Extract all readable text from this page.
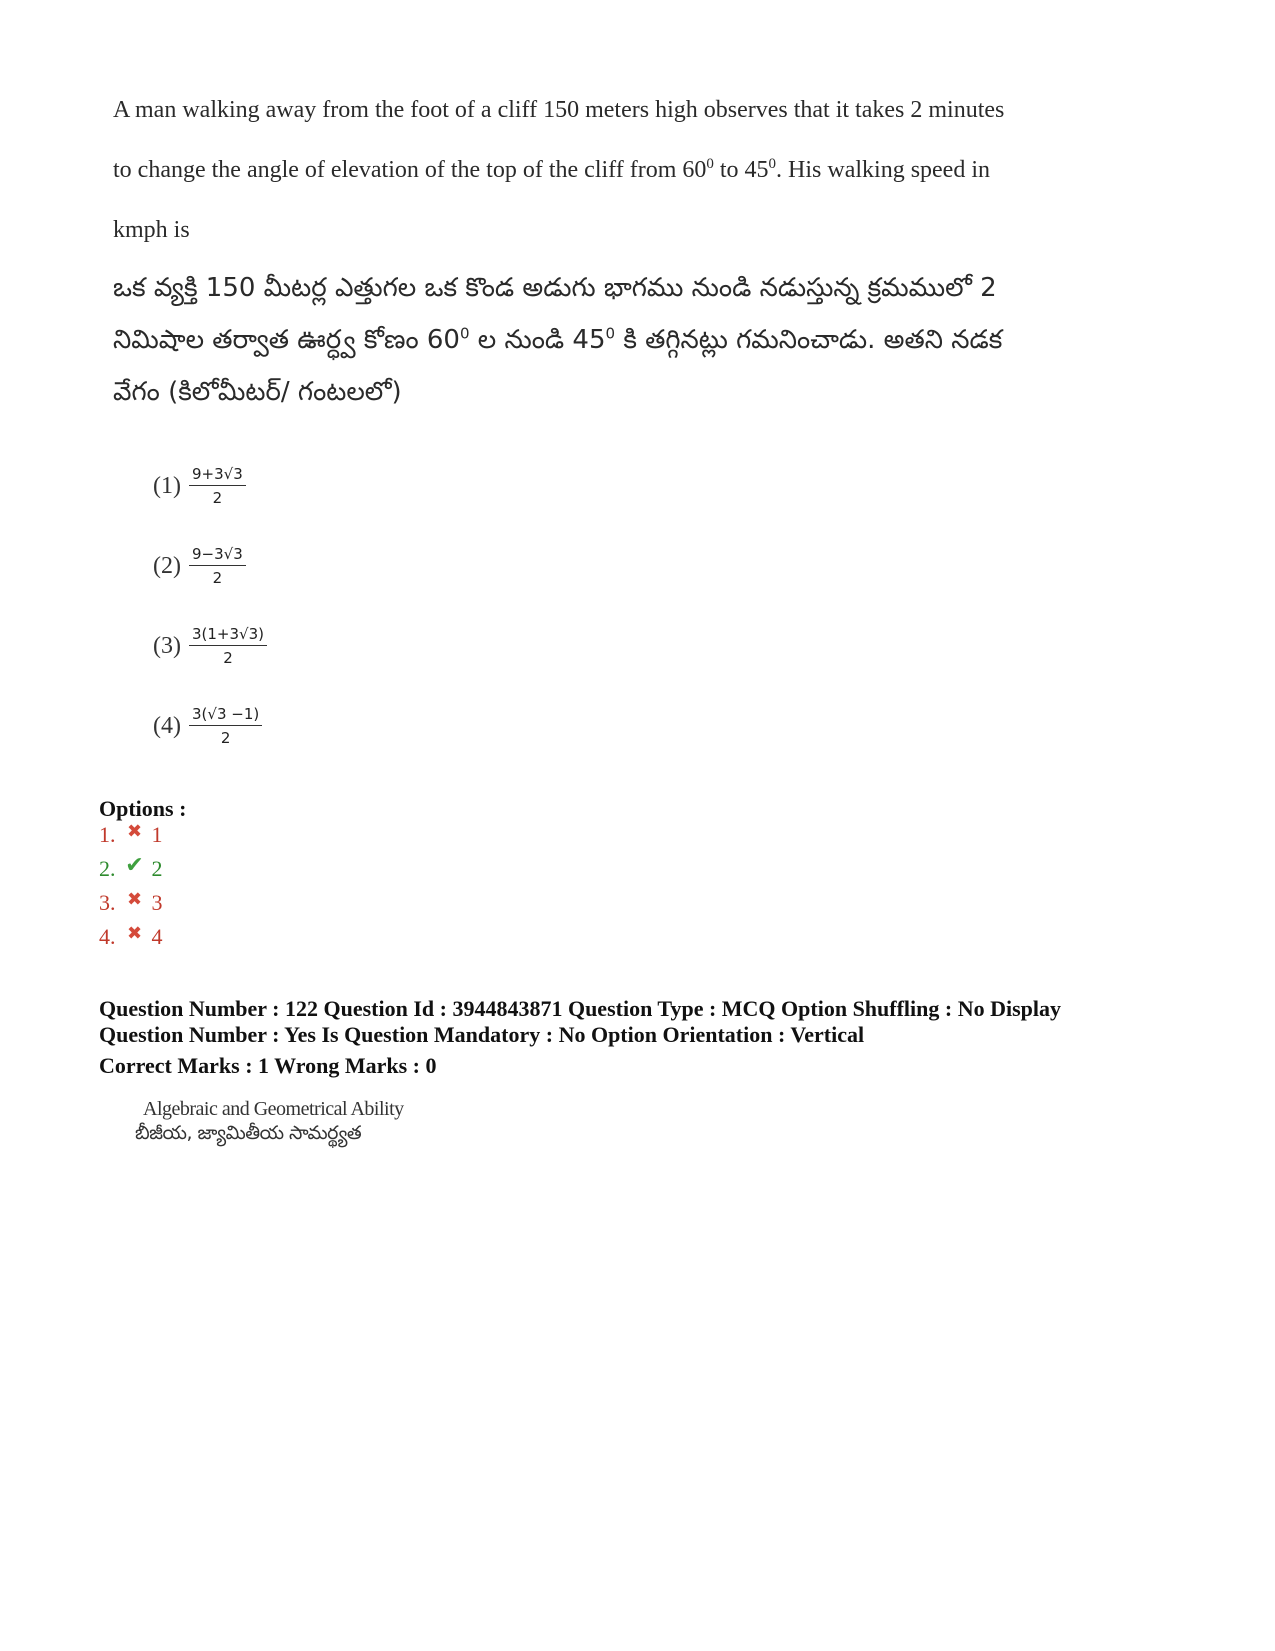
A man walking away from the foot of a cliff 150 meters high observes that it takes 2 minutes to change the angle of elevation of the top of the cliff from $60^0$ to $45^0$. His walking speed in kmph is
ఒక వ్యక్తి 150 మీటర్ల ఎత్తుగల ఒక కొండ అడుగు భాగము నుండి నడుస్తున్న క్రమములో 2 నిమిషాల తర్వాత ఊర్ధ్వ కోణం $60^0$ ల నుండి $45^0$ కి తగ్గినట్లు గమనించాడు. అతని నడక వేగం (కిలోమీటర్/ గంటలలో)
$(1) \frac{9+3√3}{2}$
$(2) \frac{9-3√3}{2}$
$(3) \frac{3(1+3√3)}{2}$
$(4) \frac{3(√3 -1)}{2}$
Options :
1. ✖ 1
2. ✔ 2
3. ✖ 3
4. ✖ 4
Question Number : 122 Question Id : 3944843871 Question Type : MCQ Option Shuffling : No Display
Question Number : Yes Is Question Mandatory : No Option Orientation : Vertical
Correct Marks : 1 Wrong Marks : 0
Algebraic and Geometrical Ability
బీజీయ, జ్యామితీయ సామర్థ్యత
